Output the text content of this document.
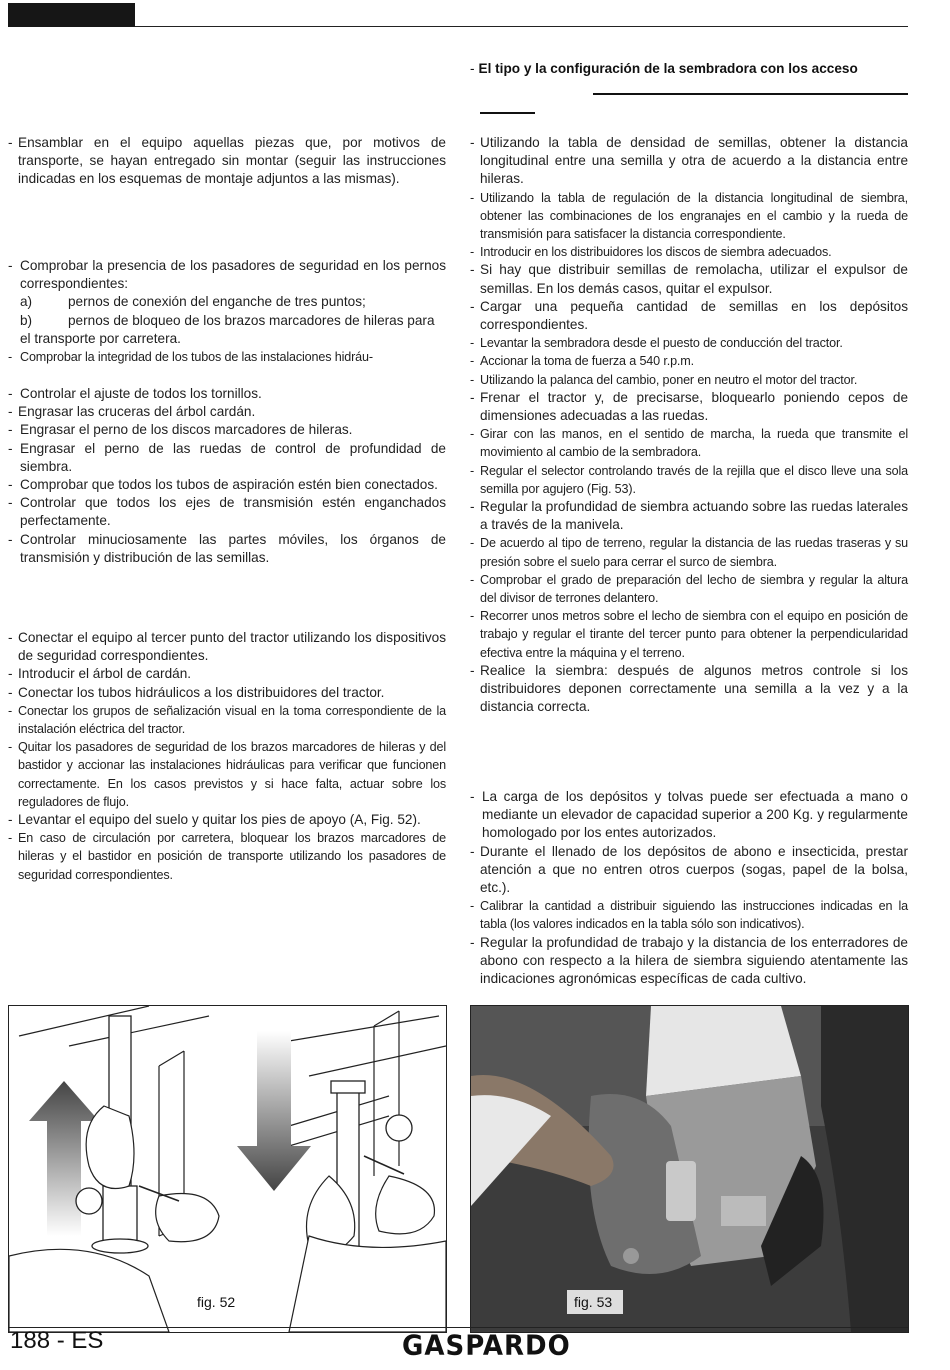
- El tipo y la configuración de la sembradora con los acceso

- Ensamblar en el equipo aquellas piezas que, por motivos de transporte, se hayan entregado sin montar (seguir las instrucciones indicadas en los esquemas de montaje adjuntos a las mismas).

- Comprobar la presencia de los pasadores de seguridad en los pernos correspondientes:

a)	pernos de conexión del enganche de tres puntos;

b)	pernos de bloqueo de los brazos marcadores de hileras para el transporte por carretera.

- Comprobar la integridad de los tubos de las instalaciones hidráu-

- Controlar el ajuste de todos los tornillos.

- Engrasar las cruceras del árbol cardán.

- Engrasar el perno de los discos marcadores de hileras.

- Engrasar el perno de las ruedas de control de profundidad de siembra.

- Comprobar que todos los tubos de aspiración estén bien conectados.

- Controlar que todos los ejes de transmisión estén enganchados perfectamente.

- Controlar minuciosamente las partes móviles, los órganos de transmisión y distribución de las semillas.

- Conectar el equipo al tercer punto del tractor utilizando los dispositivos de seguridad correspondientes.

- Introducir el árbol de cardán.

- Conectar los tubos hidráulicos a los distribuidores del tractor.

- Conectar los grupos de señalización visual en la toma correspondiente de la instalación eléctrica del tractor.

- Quitar los pasadores de seguridad de los brazos marcadores de hileras y del bastidor y accionar las instalaciones hidráulicas para verificar que funcionen correctamente. En los casos previstos y si hace falta, actuar sobre los reguladores de flujo.

- Levantar el equipo del suelo y quitar los pies de apoyo (A, Fig. 52).

- En caso de circulación por carretera, bloquear los brazos marcadores de hileras y el bastidor en posición de transporte utilizando los pasadores de seguridad correspondientes.

- Utilizando la tabla de densidad de semillas, obtener la distancia longitudinal entre una semilla y otra de acuerdo a la distancia entre hileras.

- Utilizando la tabla de regulación de la distancia longitudinal de siembra, obtener las combinaciones de los engranajes en el cambio y la rueda de transmisión para satisfacer la distancia correspondiente.

- Introducir en los distribuidores los discos de siembra adecuados.

- Si hay que distribuir semillas de remolacha, utilizar el expulsor de semillas. En los demás casos, quitar el expulsor.

- Cargar una pequeña cantidad de semillas en los depósitos correspondientes.

- Levantar la sembradora desde el puesto de conducción del tractor.

- Accionar la toma de fuerza a 540 r.p.m.

- Utilizando la palanca del cambio, poner en neutro el motor del tractor.

- Frenar el tractor y, de precisarse, bloquearlo poniendo cepos de dimensiones adecuadas a las ruedas.

- Girar con las manos, en el sentido de marcha, la rueda que transmite el movimiento al cambio de la sembradora.

- Regular el selector controlando través de la rejilla que el disco lleve una sola semilla por agujero (Fig. 53).

- Regular la profundidad de siembra actuando sobre las ruedas laterales a través de la manivela.

- De acuerdo al tipo de terreno, regular la distancia de las ruedas traseras y su presión sobre el suelo para cerrar el surco de siembra.

- Comprobar el grado de preparación del lecho de siembra y regular la altura del divisor de terrones delantero.

- Recorrer unos metros sobre el lecho de siembra con el equipo en posición de trabajo y regular el tirante del tercer punto para obtener la perpendicularidad efectiva entre la máquina y el terreno.

- Realice la siembra: después de algunos metros controle si los distribuidores deponen correctamente una semilla a la vez y a la distancia correcta.

- La carga de los depósitos y tolvas puede ser efectuada a mano o mediante un elevador de capacidad superior a 200 Kg. y regularmente homologado por los entes autorizados.

- Durante el llenado de los depósitos de abono e insecticida, prestar atención a que no entren otros cuerpos (sogas, papel de la bolsa, etc.).

- Calibrar la cantidad a distribuir siguiendo las instrucciones indicadas en la tabla (los valores indicados en la tabla sólo son indicativos).

- Regular la profundidad de trabajo y la distancia de los enterradores de abono con respecto a la hilera de siembra siguiendo atentamente las indicaciones agronómicas específicas de cada cultivo.

fig. 52	fig. 53
188 - ES	GASPARDO
